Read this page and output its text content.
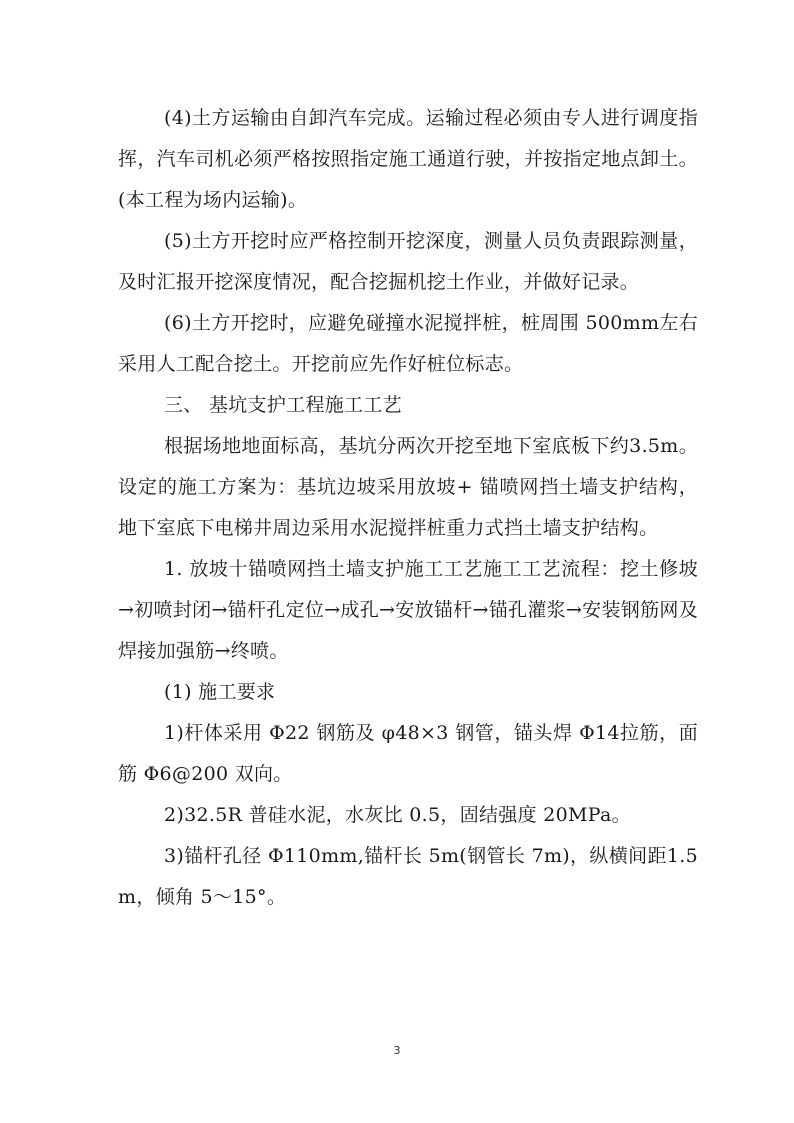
(4)土方运输由自卸汽车完成。运输过程必须由专人进行调度指挥，汽车司机必须严格按照指定施工通道行驶，并按指定地点卸土。(本工程为场内运输)。

(5)土方开挖时应严格控制开挖深度，测量人员负责跟踪测量，及时汇报开挖深度情况，配合挖掘机挖土作业，并做好记录。

(6)土方开挖时，应避免碰撞水泥搅拌桩，桩周围 500mm左右采用人工配合挖土。开挖前应先作好桩位标志。

三、 基坑支护工程施工工艺

根据场地地面标高，基坑分两次开挖至地下室底板下约3.5m。设定的施工方案为：基坑边坡采用放坡+ 锚喷网挡土墙支护结构，地下室底下电梯井周边采用水泥搅拌桩重力式挡土墙支护结构。

1. 放坡十锚喷网挡土墙支护施工工艺施工工艺流程：挖土修坡→初喷封闭→锚杆孔定位→成孔→安放锚杆→锚孔灌浆→安装钢筋网及焊接加强筋→终喷。

(1) 施工要求

1)杆体采用 Φ22 钢筋及 φ48×3 钢管，锚头焊 Φ14拉筋，面筋 Φ6@200 双向。

2)32.5R 普硅水泥，水灰比 0.5，固结强度 20MPa。

3)锚杆孔径 Φ110mm,锚杆长 5m(钢管长 7m)，纵横间距1.5m，倾角 5～15°。

3
